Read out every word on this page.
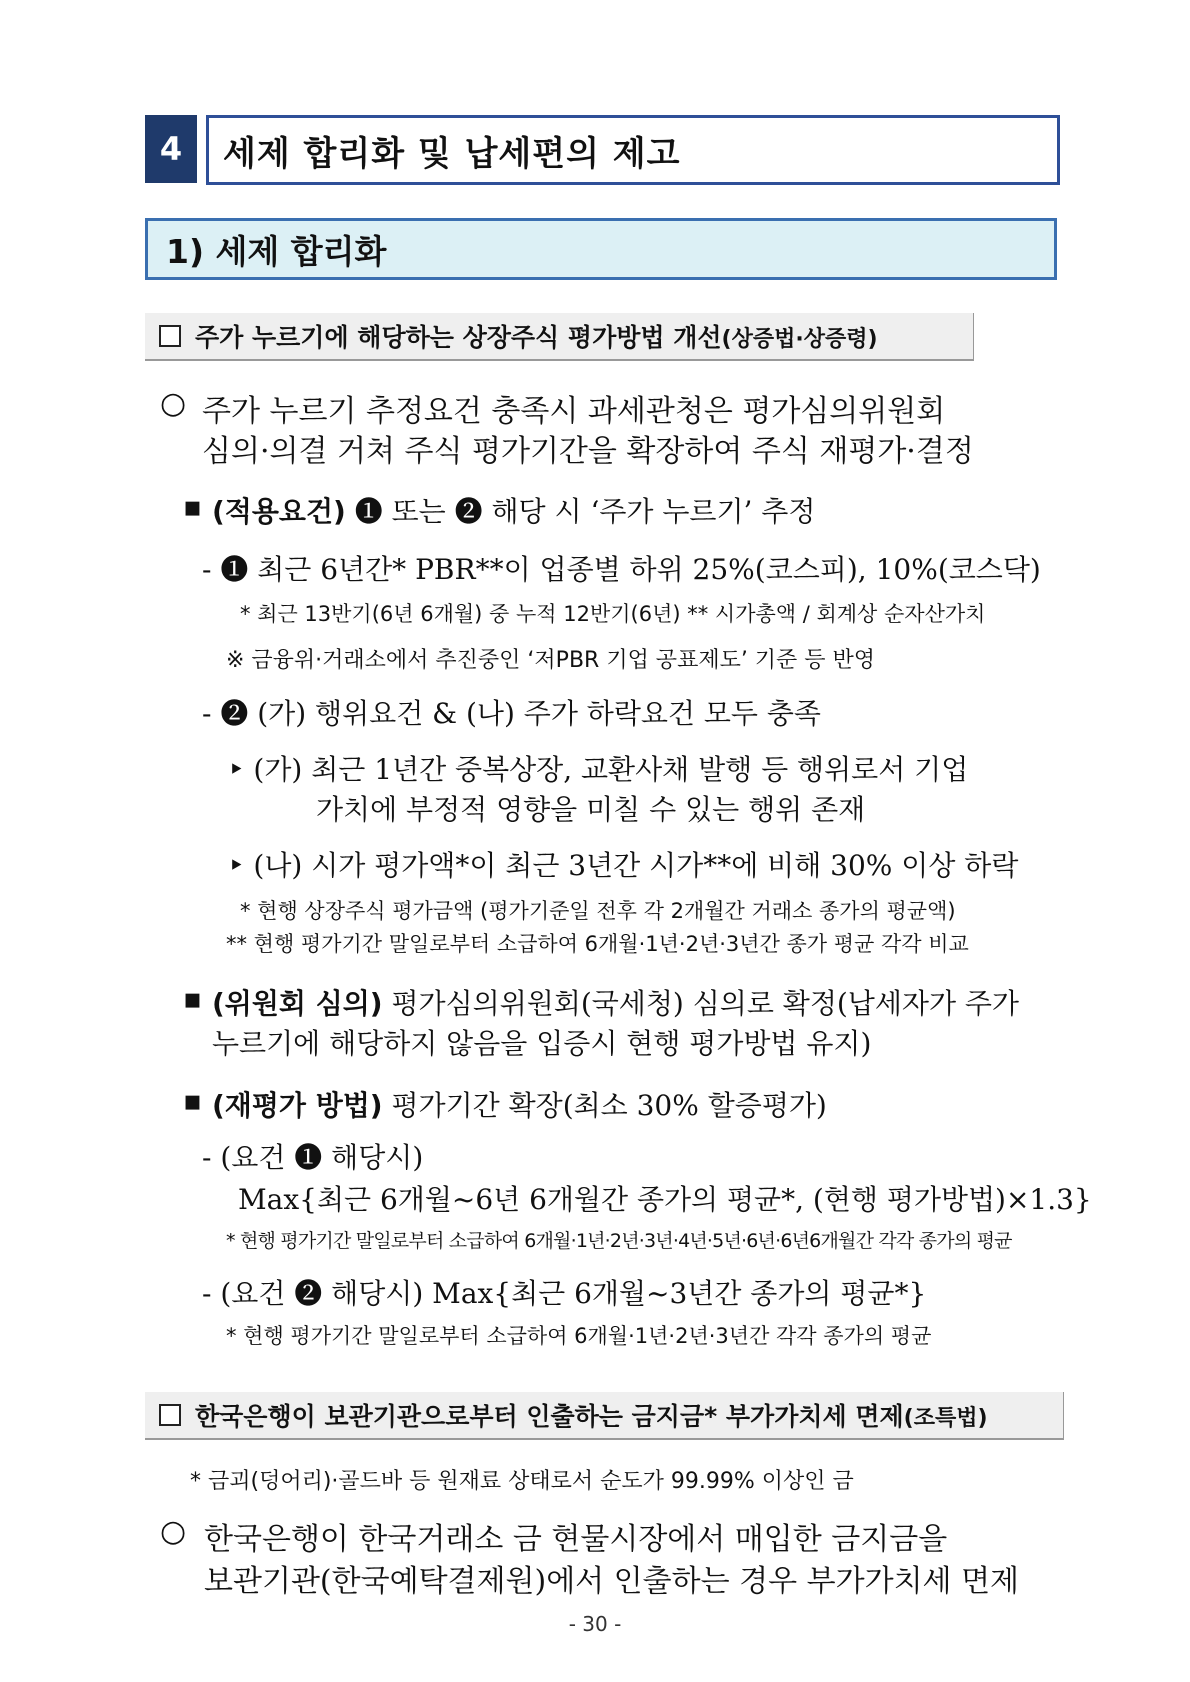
4	세제 합리화 및 납세편의 제고
1) 세제 합리화
주가 누르기에 해당하는 상장주식 평가방법 개선(상증법·상증령)
○ 주가 누르기 추정요건 충족시 과세관청은 평가심의위원회
심의·의결 거쳐 주식 평가기간을 확장하여 주식 재평가·결정
▪ (적용요건) ❶ 또는 ❷ 해당 시 ‘주가 누르기’ 추정
- ❶ 최근 6년간* PBR**이 업종별 하위 25%(코스피), 10%(코스닥)
* 최근 13반기(6년 6개월) 중 누적 12반기(6년) ** 시가총액 / 회계상 순자산가치
※ 금융위·거래소에서 추진중인 ‘저PBR 기업 공표제도’ 기준 등 반영
- ❷ (가) 행위요건 & (나) 주가 하락요건 모두 충족
‣ (가) 최근 1년간 중복상장, 교환사채 발행 등 행위로서 기업
가치에 부정적 영향을 미칠 수 있는 행위 존재
‣ (나) 시가 평가액*이 최근 3년간 시가**에 비해 30% 이상 하락
* 현행 상장주식 평가금액 (평가기준일 전후 각 2개월간 거래소 종가의 평균액)
** 현행 평가기간 말일로부터 소급하여 6개월·1년·2년·3년간 종가 평균 각각 비교
▪ (위원회 심의) 평가심의위원회(국세청) 심의로 확정(납세자가 주가
누르기에 해당하지 않음을 입증시 현행 평가방법 유지)
▪ (재평가 방법) 평가기간 확장(최소 30% 할증평가)
- (요건 ❶ 해당시)
Max{최근 6개월~6년 6개월간 종가의 평균*, (현행 평가방법)×1.3}
* 현행 평가기간 말일로부터 소급하여 6개월·1년·2년·3년·4년·5년·6년·6년6개월간 각각 종가의 평균
- (요건 ❷ 해당시) Max{최근 6개월~3년간 종가의 평균*}
* 현행 평가기간 말일로부터 소급하여 6개월·1년·2년·3년간 각각 종가의 평균
한국은행이 보관기관으로부터 인출하는 금지금* 부가가치세 면제(조특법)
* 금괴(덩어리)·골드바 등 원재료 상태로서 순도가 99.99% 이상인 금
○ 한국은행이 한국거래소 금 현물시장에서 매입한 금지금을
보관기관(한국예탁결제원)에서 인출하는 경우 부가가치세 면제
- 30 -
